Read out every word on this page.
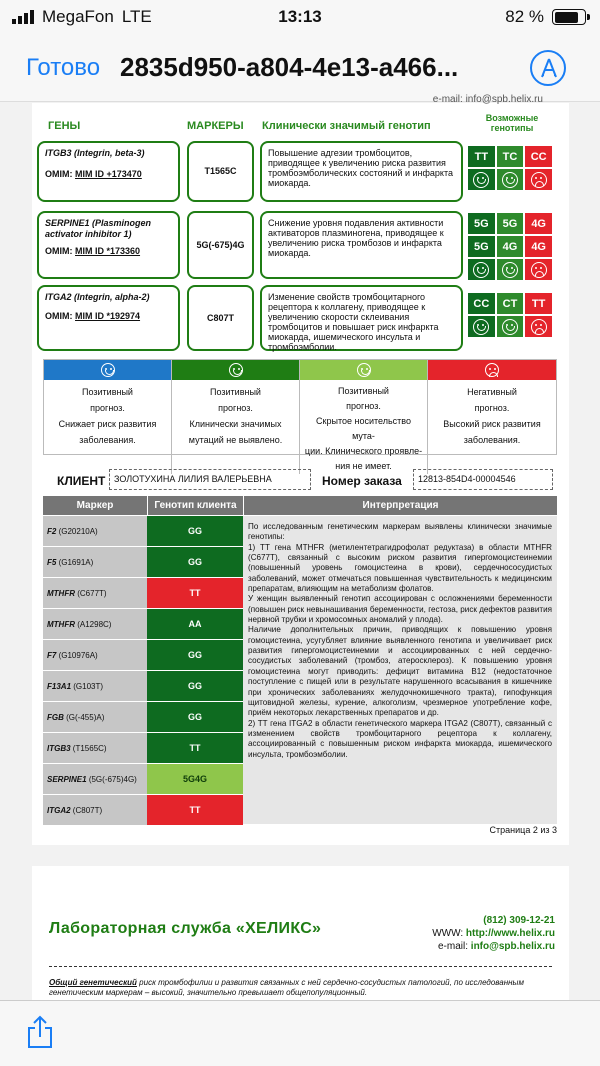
MegaFon LTE	13:13	82 %
Готово 2835d950-a804-4e13-a466...
e-mail: info@spb.helix.ru
ГЕНЫ	МАРКЕРЫ Клинически значимый генотип
Возможные генотипы
ITGB3 (Integrin, beta-3)
OMIM: MIM ID +173470	T1565C
Повышение адгезии тромбоцитов, приводящее к увеличению риска развития тромбоэмболических состояний и инфаркта миокарда.
TT	TC	CC
SERPINE1 (Plasminogen activator inhibitor 1)
OMIM: MIM ID *173360
5G(-675)4G
Снижение уровня подавления активности активаторов плазминогена, приводящее к увеличению риска тромбозов и инфаркта миокарда.
5G	5G	4G
5G	4G	4G
ITGA2 (Integrin, alpha-2)
OMIM: MIM ID *192974	C807T
Изменение свойств тромбоцитарного рецептора к коллагену, приводящее к увеличению скорости склеивания тромбоцитов и повышает риск инфаркта миокарда, ишемического инсульта и тромбоэмболии.
CC	CT	TT
Позитивный
прогноз.
Снижает риск развития
заболевания.
Позитивный
прогноз.
Клинически значимых
мутаций не выявлено.
Позитивный
прогноз.
Скрытое носительство мута-
ции. Клинического проявле-
ния не имеет.
Негативный
прогноз.
Высокий риск развития
заболевания.
КЛИЕНТ ЗОЛОТУХИНА ЛИЛИЯ ВАЛЕРЬЕВНА	Номер заказа	12813-854D4-00004546
Маркер	Генотип клиента	Интерпретация
F2
(G20210A)	GG
F5
(G1691A)	GG
MTHFR
(C677T)	TT
MTHFR
(A1298C)	AA
F7
(G10976A)	GG
F13A1
(G103T)	GG
FGB
(G(-455)A)	GG
ITGB3
(T1565C)	TT
SERPINE1
(5G(-675)4G)	5G4G
ITGA2
(C807T)	TT

По исследованным генетическим маркерам выявлены клинически значимые генотипы:

1) TT гена MTHFR (метилентетрагидрофолат редуктаза) в области MTHFR (C677T), связанный с высоким риском развития гипергомоцистеинемии (повышенный уровень гомоцистеина в крови), сердечнососудистых заболеваний, может отмечаться повышенная чувствительность к медицинским препаратам, влияющим на метаболизм фолатов.

У женщин выявленный генотип ассоциирован с осложнениями беременности (повышен риск невынашивания беременности, гестоза, риск дефектов развития нервной трубки и хромосомных аномалий у плода).

Наличие дополнительных причин, приводящих к повышению уровня гомоцистеина, усугубляет влияние выявленного генотипа и увеличивает риск развития гипергомоцистеинемии и ассоциированных с ней сердечно-сосудистых заболеваний (тромбоз, атеросклероз). К повышению уровня гомоцистеина могут приводить: дефицит витамина B12 (недостаточное поступление с пищей или в результате нарушенного всасывания в кишечнике при хронических заболеваниях желудочнокишечного тракта), гипофункция щитовидной железы, курение, алкоголизм, чрезмерное употребление кофе, приём некоторых лекарственных препаратов и др.

2) TT гена ITGA2 в области генетического маркера ITGA2 (C807T), связанный с изменением свойств тромбоцитарного рецептора к коллагену, ассоциированный с повышенным риском инфаркта миокарда, ишемического инсульта, тромбоэмболии.

Страница 2 из 3
Лабораторная служба «ХЕЛИКС»	(812) 309-12-21
WWW: http://www.helix.ru
e-mail: info@spb.helix.ru
Общий генетический риск тромбофилии и развития связанных с ней сердечно-сосудистых патологий, по исследованным генетическим маркерам – высокий, значительно превышает общепопуляционный.
